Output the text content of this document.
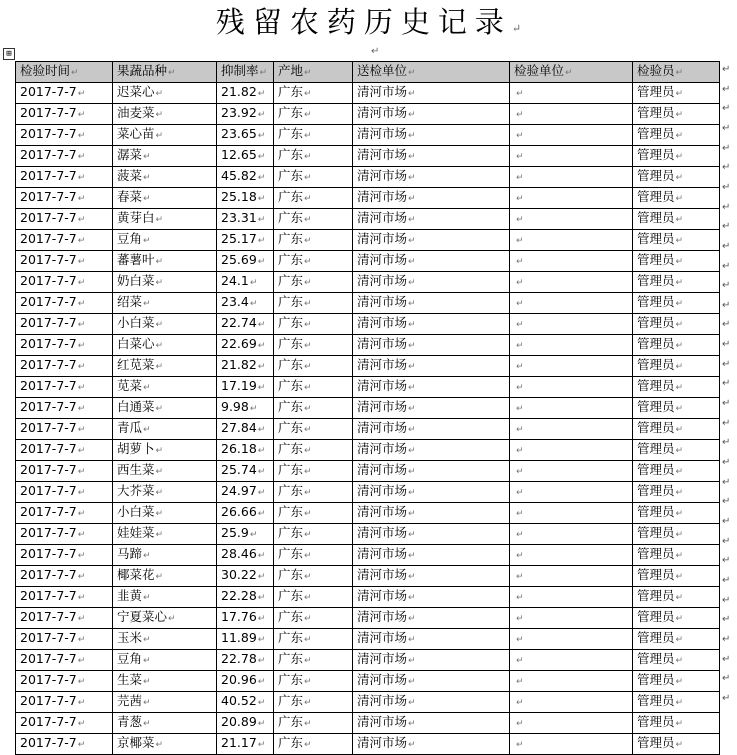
残留农药历史记录↵
↵
⊞
检验时间↵	果蔬品种↵	抑制率↵	产地↵	送检单位↵	检验单位↵	检验员↵
2017-7-7↵	迟菜心↵	21.82↵	广东↵	清河市场↵	↵	管理员↵
2017-7-7↵	油麦菜↵	23.92↵	广东↵	清河市场↵	↵	管理员↵
2017-7-7↵	菜心苗↵	23.65↵	广东↵	清河市场↵	↵	管理员↵
2017-7-7↵	潺菜↵	12.65↵	广东↵	清河市场↵	↵	管理员↵
2017-7-7↵	菠菜↵	45.82↵	广东↵	清河市场↵	↵	管理员↵
2017-7-7↵	春菜↵	25.18↵	广东↵	清河市场↵	↵	管理员↵
2017-7-7↵	黄芽白↵	23.31↵	广东↵	清河市场↵	↵	管理员↵
2017-7-7↵	豆角↵	25.17↵	广东↵	清河市场↵	↵	管理员↵
2017-7-7↵	蕃薯叶↵	25.69↵	广东↵	清河市场↵	↵	管理员↵
2017-7-7↵	奶白菜↵	24.1↵	广东↵	清河市场↵	↵	管理员↵
2017-7-7↵	绍菜↵	23.4↵	广东↵	清河市场↵	↵	管理员↵
2017-7-7↵	小白菜↵	22.74↵	广东↵	清河市场↵	↵	管理员↵
2017-7-7↵	白菜心↵	22.69↵	广东↵	清河市场↵	↵	管理员↵
2017-7-7↵	红苋菜↵	21.82↵	广东↵	清河市场↵	↵	管理员↵
2017-7-7↵	苋菜↵	17.19↵	广东↵	清河市场↵	↵	管理员↵
2017-7-7↵	白通菜↵	9.98↵	广东↵	清河市场↵	↵	管理员↵
2017-7-7↵	青瓜↵	27.84↵	广东↵	清河市场↵	↵	管理员↵
2017-7-7↵	胡萝卜↵	26.18↵	广东↵	清河市场↵	↵	管理员↵
2017-7-7↵	西生菜↵	25.74↵	广东↵	清河市场↵	↵	管理员↵
2017-7-7↵	大芥菜↵	24.97↵	广东↵	清河市场↵	↵	管理员↵
2017-7-7↵	小白菜↵	26.66↵	广东↵	清河市场↵	↵	管理员↵
2017-7-7↵	娃娃菜↵	25.9↵	广东↵	清河市场↵	↵	管理员↵
2017-7-7↵	马蹄↵	28.46↵	广东↵	清河市场↵	↵	管理员↵
2017-7-7↵	椰菜花↵	30.22↵	广东↵	清河市场↵	↵	管理员↵
2017-7-7↵	韭黄↵	22.28↵	广东↵	清河市场↵	↵	管理员↵
2017-7-7↵	宁夏菜心↵	17.76↵	广东↵	清河市场↵	↵	管理员↵
2017-7-7↵	玉米↵	11.89↵	广东↵	清河市场↵	↵	管理员↵
2017-7-7↵	豆角↵	22.78↵	广东↵	清河市场↵	↵	管理员↵
2017-7-7↵	生菜↵	20.96↵	广东↵	清河市场↵	↵	管理员↵
2017-7-7↵	芫茜↵	40.52↵	广东↵	清河市场↵	↵	管理员↵
2017-7-7↵	青葱↵	20.89↵	广东↵	清河市场↵	↵	管理员↵
2017-7-7↵	京椰菜↵	21.17↵	广东↵	清河市场↵	↵	管理员↵
↵
↵
↵
↵
↵
↵
↵
↵
↵
↵
↵
↵
↵
↵
↵
↵
↵
↵
↵
↵
↵
↵
↵
↵
↵
↵
↵
↵
↵
↵
↵
↵
↵
